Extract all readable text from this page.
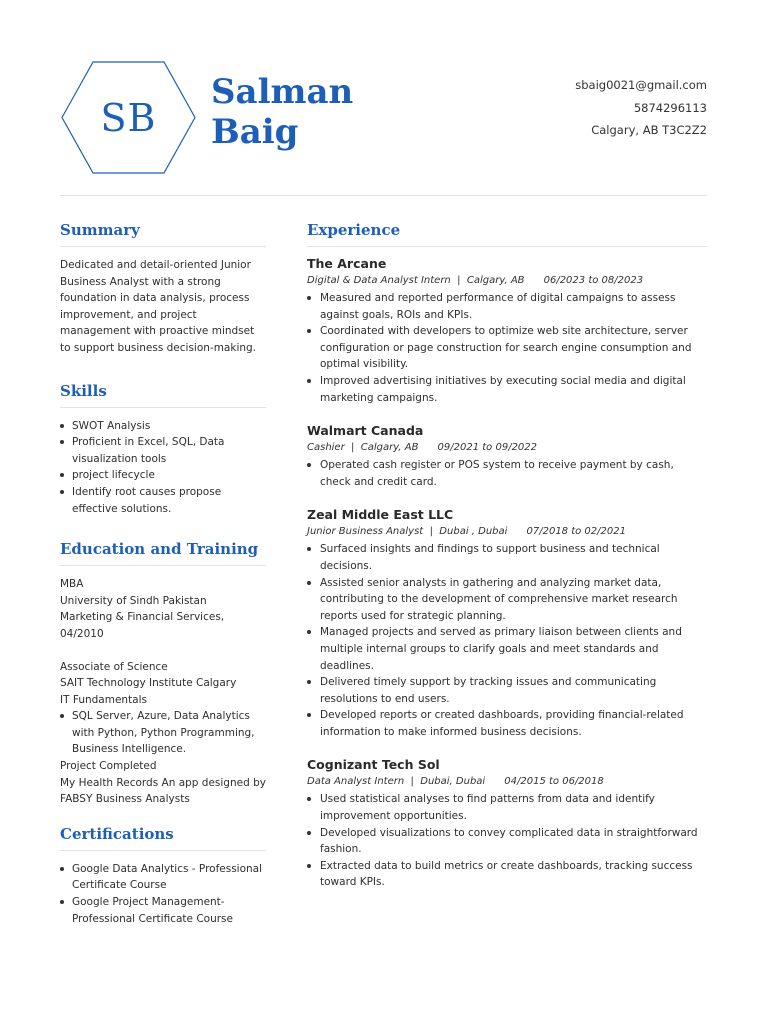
SB
Salman
Baig
sbaig0021@gmail.com
5874296113
Calgary, AB T3C2Z2
Summary
Dedicated and detail-oriented Junior Business Analyst with a strong foundation in data analysis, process improvement, and project management with proactive mindset to support business decision-making.
Skills
SWOT Analysis
Proficient in Excel, SQL, Data visualization tools
project lifecycle
Identify root causes propose effective solutions.
Education and Training
MBA
University of Sindh Pakistan
Marketing & Financial Services, 04/2010
Associate of Science
SAIT Technology Institute Calgary
IT Fundamentals
SQL Server, Azure, Data Analytics with Python, Python Programming, Business Intelligence.
Project Completed
My Health Records An app designed by FABSY Business Analysts
Certifications
Google Data Analytics - Professional Certificate Course
Google Project Management- Professional Certificate Course
Experience
The Arcane
Digital & Data Analyst Intern  |  Calgary, AB      06/2023 to 08/2023
Measured and reported performance of digital campaigns to assess against goals, ROIs and KPIs.
Coordinated with developers to optimize web site architecture, server configuration or page construction for search engine consumption and optimal visibility.
Improved advertising initiatives by executing social media and digital marketing campaigns.
Walmart Canada
Cashier  |  Calgary, AB      09/2021 to 09/2022
Operated cash register or POS system to receive payment by cash, check and credit card.
Zeal Middle East LLC
Junior Business Analyst  |  Dubai , Dubai      07/2018 to 02/2021
Surfaced insights and findings to support business and technical decisions.
Assisted senior analysts in gathering and analyzing market data, contributing to the development of comprehensive market research reports used for strategic planning.
Managed projects and served as primary liaison between clients and multiple internal groups to clarify goals and meet standards and deadlines.
Delivered timely support by tracking issues and communicating resolutions to end users.
Developed reports or created dashboards, providing financial-related information to make informed business decisions.
Cognizant Tech Sol
Data Analyst Intern  |  Dubai, Dubai      04/2015 to 06/2018
Used statistical analyses to find patterns from data and identify improvement opportunities.
Developed visualizations to convey complicated data in straightforward fashion.
Extracted data to build metrics or create dashboards, tracking success toward KPIs.
